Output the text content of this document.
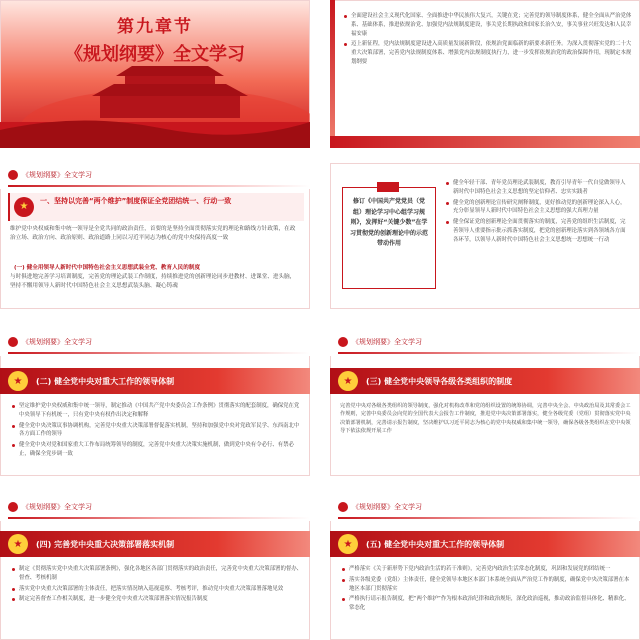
第九章节
《规划纲要》全文学习
全面建设社会主义现代化国家、全面推进中华民族伟大复兴，关键在党；完善党的领导制度体系，健全全面从严治党体系、基础体系，推进依规治党、加强党内法规制度建设，事关党长期执政和国家长治久安，事关事业兴旺发达和人民幸福安康
迈上新征程，党内法规制度建设进入高质量发展新阶段，依规治党面临新的新要求新任务。为深入贯彻落实党的二十大重大决策部署，完善党内法规制度体系、增强党内法规制度执行力，进一步发挥依规治党的政治保障作用，现制定本规划纲要
《规划纲要》全文学习
★	一、坚持以完善“两个维护”制度保证全党团结统一、行动一致
维护党中央权威和集中统一领导是全党共同的政治责任，首要的是坚持全面贯彻落实党的理论和路线方针政策，在政治立场、政治方向、政治原则、政治道路上同以习近平同志为核心的党中央保持高度一致
(一) 健全用领导人新时代中国特色社会主义思想武装全党、教育人民的制度
与时俱进地完善学习培训制度，完善党的理论武装工作制度，持续推进党的创新理论同步进教材、进课堂、进头脑，坚持不懈用领导人新时代中国特色社会主义思想武装头脑、凝心铸魂
修订《中国共产党党员（党组）理论学习中心组学习规则》，发挥好“关键少数”在学习贯彻党的创新理论中的示范带动作用
健全年轻干部、青年党员理论武装制度，教育引导青年一代自觉做领导人新时代中国特色社会主义思想的坚定信仰者、忠实实践者
健全党的创新理论宣传研究阐释制度，更好推动党的创新理论深入人心，充分彰显领导人新时代中国特色社会主义思想的强大真理力量
健全保证党的创新理论全面贯彻落实的制度，完善党的组织生活制度，完善领导人重要指示批示抓落实制度，把党的创新理论落实到各领域各方面各环节，以领导人新时代中国特色社会主义思想统一思想统一行动
《规划纲要》全文学习
★ (二) 健全党中央对重大工作的领导体制
坚定维护党中央权威和集中统一领导，制定推动《中国共产党中央委员会工作条例》贯彻落实的配套制度，确保党在党中央领导下有机统一，只有党中央有权作出决定和解释
健全党中央决策议事协调机构，完善党中央重大决策部署督促落实机制，坚持和加强党中央对党政军民学、东西南北中各方面工作的领导
健全党中央对党和国家重大工作布局统筹领导的制度，完善党中央重大决策实施机制，做到党中央有令必行、有禁必止，确保全党步调一致
《规划纲要》全文学习
★ (三) 健全党中央领导各级各类组织的制度
完善党中央对各级各类组织的领导制度，强化对机构改革和党的组织设置的统筹协调，完善中央全会、中央政治局及其常委会工作规则，完善中央委员会向党的全国代表大会报告工作制度，推进党中央决策部署落实，健全各级党委（党组）贯彻落实党中央决策部署机制，完善请示报告制度，坚决维护以习近平同志为核心的党中央权威和集中统一领导，确保各级各类组织在党中央领导下依法依规开展工作
《规划纲要》全文学习
★ (四) 完善党中央重大决策部署落实机制
制定《贯彻落实党中央重大决策部署条例》，强化各地区各部门贯彻落实的政治责任，完善党中央重大决策部署的督办、督查、考核机制
落实党中央重大决策部署的主体责任，把落实情况纳入巡视巡察、考核考评，推动党中央重大决策部署落地见效
制定完善督查工作相关制度，进一步健全党中央重大决策部署落实情况报告制度
《规划纲要》全文学习
★ (五) 健全党中央对重大工作的领导体制
严格落实《关于新形势下党内政治生活的若干准则》，完善党内政治生活常态化制度，巩固和发展党的团结统一
落实各级党委（党组）主体责任，健全党领导本地区本部门本系统全面从严治党工作的制度，确保党中央决策部署在本地区本部门贯彻落实
严格执行请示报告制度，把“两个维护”作为根本政治纪律和政治规矩，深化政治巡视，推动政治监督具体化、精准化、常态化
